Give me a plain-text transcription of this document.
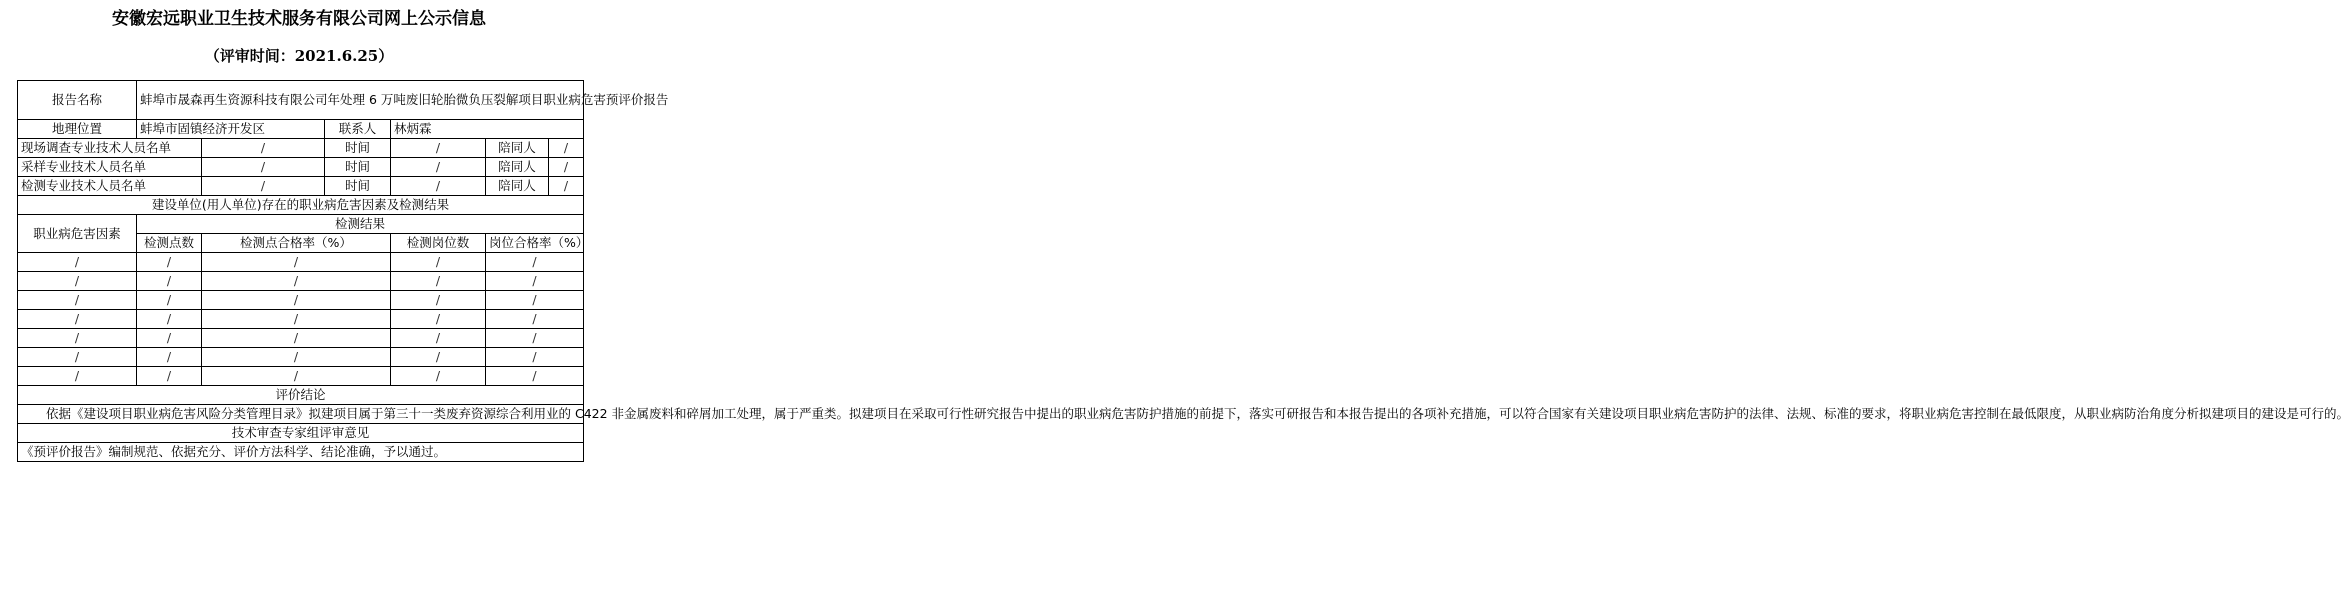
安徽宏远职业卫生技术服务有限公司网上公示信息
（评审时间：2021.6.25）
报告名称	蚌埠市晟森再生资源科技有限公司年处理 6 万吨废旧轮胎微负压裂解项目职业病危害预评价报告					
地理位置	蚌埠市固镇经济开发区		联系人	林炳霖		
现场调查专业技术人员名单		/	时间	/	陪同人	/
采样专业技术人员名单		/	时间	/	陪同人	/
检测专业技术人员名单		/	时间	/	陪同人	/
建设单位(用人单位)存在的职业病危害因素及检测结果						
职业病危害因素	检测结果					
	检测点数	检测点合格率（%）		检测岗位数	岗位合格率（%）	
/	/	/		/	/	
/	/	/		/	/	
/	/	/		/	/	
/	/	/		/	/	
/	/	/		/	/	
/	/	/		/	/	
/	/	/		/	/	
评价结论						
依据《建设项目职业病危害风险分类管理目录》拟建项目属于第三十一类废弃资源综合利用业的 C422 非金属废料和碎屑加工处理，属于严重类。拟建项目在采取可行性研究报告中提出的职业病危害防护措施的前提下，落实可研报告和本报告提出的各项补充措施，可以符合国家有关建设项目职业病危害防护的法律、法规、标准的要求，将职业病危害控制在最低限度，从职业病防治角度分析拟建项目的建设是可行的。						
技术审查专家组评审意见						
《预评价报告》编制规范、依据充分、评价方法科学、结论准确，予以通过。						
